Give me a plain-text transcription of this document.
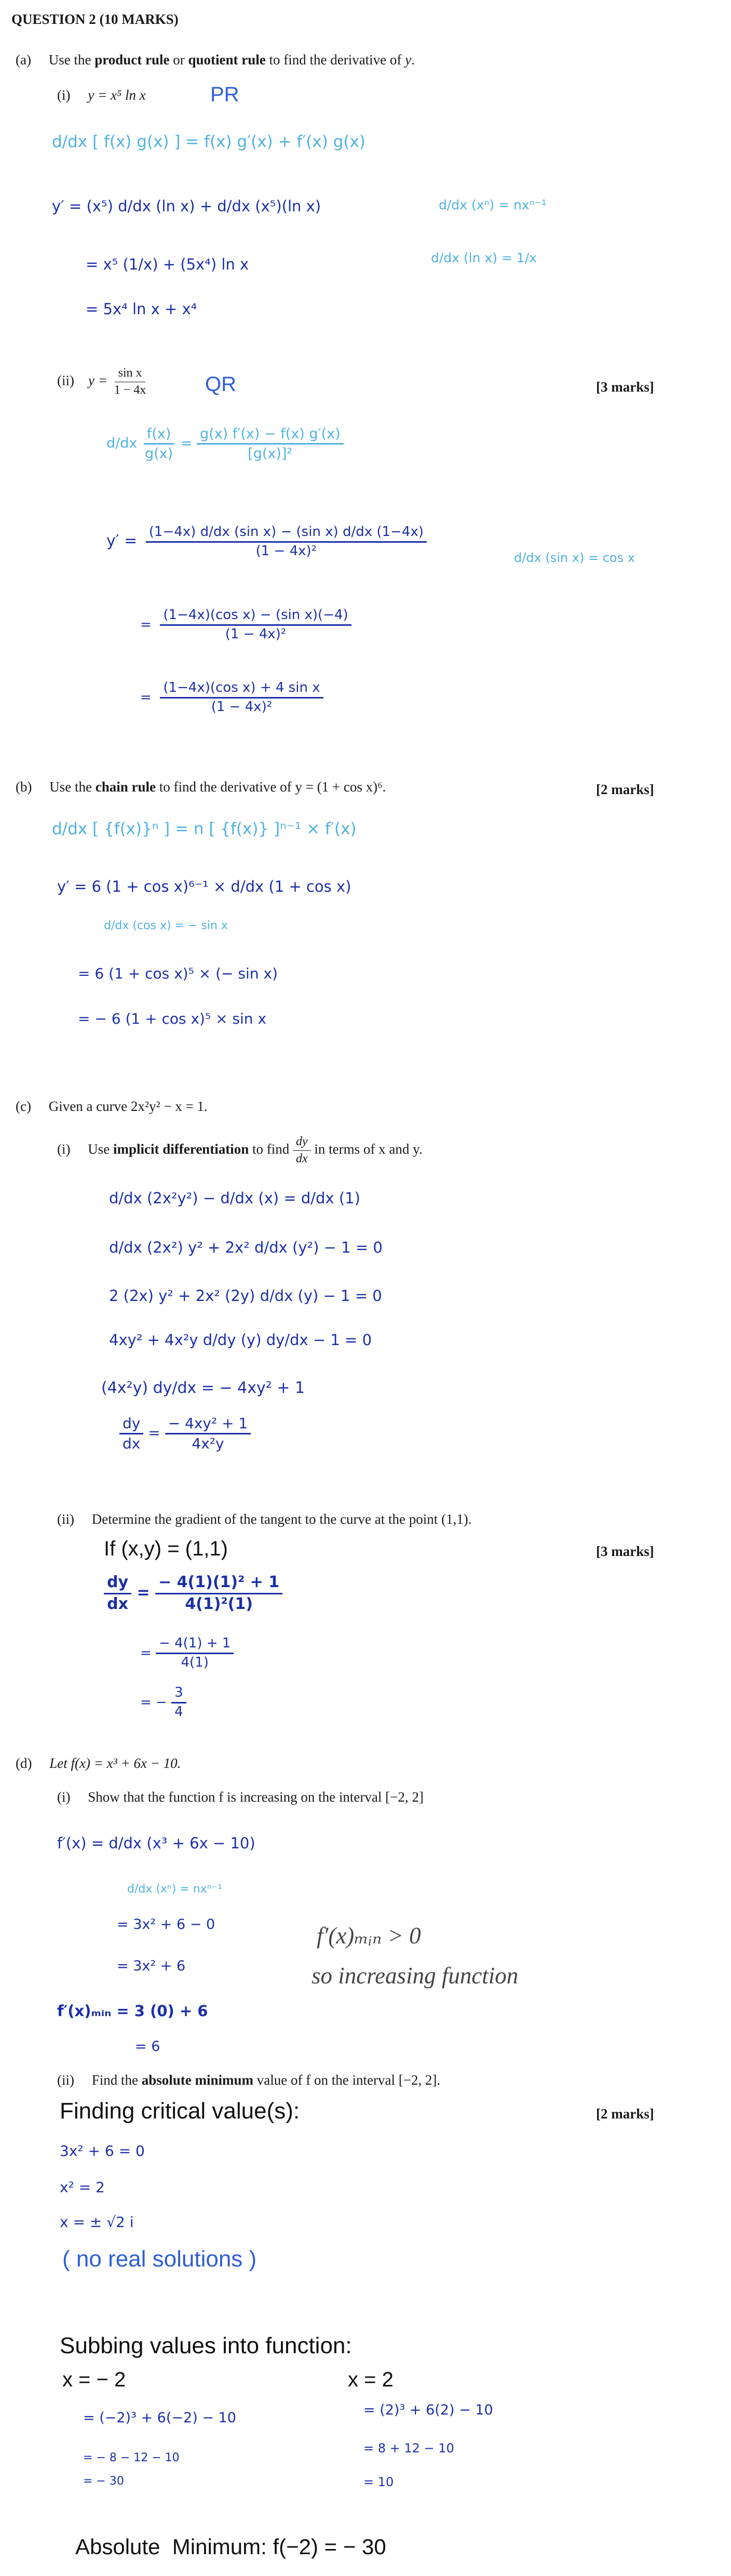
QUESTION 2 (10 MARKS)
(a) Use the product rule or quotient rule to find the derivative of y.
(i) y = x⁵ ln x	PR
d/dx [ f(x) g(x) ] = f(x) g′(x) + f′(x) g(x)
y′ = (x⁵) d/dx (ln x) + d/dx (x⁵)(ln x)	d/dx (xⁿ) = nxⁿ⁻¹
= x⁵ (1/x) + (5x⁴) ln x	d/dx (ln x) = 1/x
= 5x⁴ ln x + x⁴
(ii) $y = \frac{\text{sin x}}{1 - 4x}$	QR	[3 marks]
$d/dx \frac{f(x)}{g(x)} = \frac{g(x) f'(x) - f(x) g'(x)}{\text{[g(x)]²}}$
$y' = \frac{\text{(1−4x) d/dx (sin x) − (sin x) d/dx (1−4x)}}{\text{(1 − 4x)²}}$	d/dx (sin x) = cos x
= $\frac{\text{(1−4x)(cos x) − (sin x)(−4)}}{\text{(1 − 4x)²}}$
= $\frac{\text{(1−4x)(cos x) + 4 sin x}}{\text{(1 − 4x)²}}$
(b) Use the chain rule to find the derivative of y = (1 + cos x)⁶.	[2 marks]
d/dx [ {f(x)}ⁿ ] = n [ {f(x)} ]ⁿ⁻¹ × f′(x)
y′ = 6 (1 + cos x)⁶⁻¹ × d/dx (1 + cos x)
d/dx (cos x) = − sin x
= 6 (1 + cos x)⁵ × (− sin x)
= − 6 (1 + cos x)⁵ × sin x
(c) Given a curve 2x²y² − x = 1.
(i) Use implicit differentiation to find $\frac{dy}{dx}$ in terms of x and y.
d/dx (2x²y²) − d/dx (x) = d/dx (1)
d/dx (2x²) y² + 2x² d/dx (y²) − 1 = 0
2 (2x) y² + 2x² (2y) d/dx (y) − 1 = 0
4xy² + 4x²y d/dy (y) dy/dx − 1 = 0
(4x²y) dy/dx = − 4xy² + 1
$\frac{dy}{dx} = \frac{\text{− 4xy² + 1}}{\text{4x²y}}$
(ii) Determine the gradient of the tangent to the curve at the point (1,1).
If (x,y) = (1,1)	[3 marks]
$\frac{dy}{dx} = \frac{\text{− 4(1)(1)² + 1}}{\text{4(1)²(1)}}$
= $\frac{- 4(1) + 1}{4(1)}$
= − $\frac{3}{4}$
(d) Let f(x) = x³ + 6x − 10.
(i) Show that the function f is increasing on the interval [−2, 2]
f′(x) = d/dx (x³ + 6x − 10)
d/dx (xⁿ) = nxⁿ⁻¹
= 3x² + 6 − 0
= 3x² + 6
f′(x)ₘᵢₙ = 3 (0) + 6
= 6
f′(x)ₘᵢₙ > 0
so increasing function
(ii) Find the absolute minimum value of f on the interval [−2, 2].
Finding critical value(s):	[2 marks]
3x² + 6 = 0
x² = 2
x = ± √2 i
( no real solutions )
Subbing values into function:
x = − 2
= (−2)³ + 6(−2) − 10
= − 8 − 12 − 10
= − 30
x = 2
= (2)³ + 6(2) − 10
= 8 + 12 − 10
= 10
Absolute  Minimum: f(−2) = − 30
